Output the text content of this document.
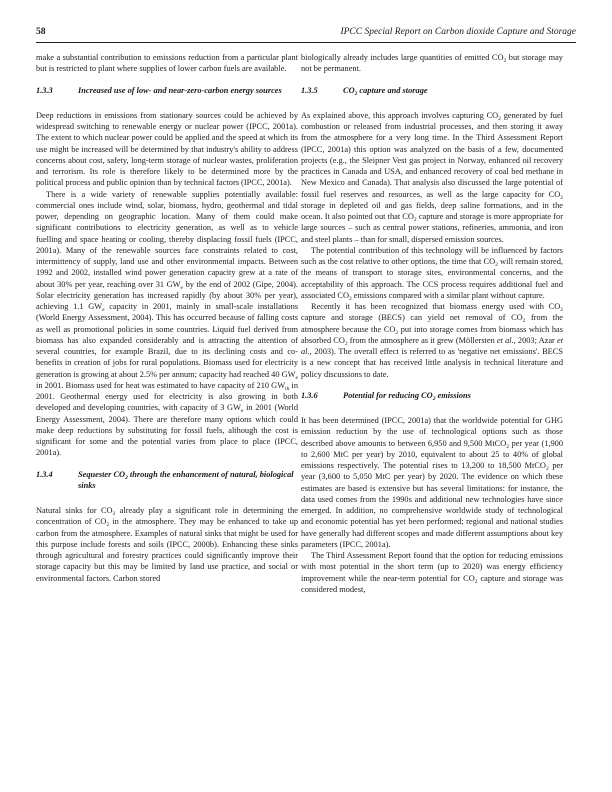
58	IPCC Special Report on Carbon dioxide Capture and Storage

make a substantial contribution to emissions reduction from a particular plant but is restricted to plant where supplies of lower carbon fuels are available.

1.3.3	Increased use of low- and near-zero-carbon energy sources

Deep reductions in emissions from stationary sources could be achieved by widespread switching to renewable energy or nuclear power (IPCC, 2001a). The extent to which nuclear power could be applied and the speed at which its use might be increased will be determined by that industry's ability to address concerns about cost, safety, long-term storage of nuclear wastes, proliferation and terrorism. Its role is therefore likely to be determined more by the political process and public opinion than by technical factors (IPCC, 2001a).

There is a wide variety of renewable supplies potentially available: commercial ones include wind, solar, biomass, hydro, geothermal and tidal power, depending on geographic location. Many of them could make significant contributions to electricity generation, as well as to vehicle fuelling and space heating or cooling, thereby displacing fossil fuels (IPCC, 2001a). Many of the renewable sources face constraints related to cost, intermittency of supply, land use and other environmental impacts. Between 1992 and 2002, installed wind power generation capacity grew at a rate of about 30% per year, reaching over 31 $GW_e$ by the end of 2002 (Gipe, 2004). Solar electricity generation has increased rapidly (by about 30% per year), achieving 1.1 $GW_e$ capacity in 2001, mainly in small-scale installations (World Energy Assessment, 2004). This has occurred because of falling costs as well as promotional policies in some countries. Liquid fuel derived from biomass has also expanded considerably and is attracting the attention of several countries, for example Brazil, due to its declining costs and co-benefits in creation of jobs for rural populations. Biomass used for electricity generation is growing at about 2.5% per annum; capacity had reached 40 $GW_e$ in 2001. Biomass used for heat was estimated to have capacity of 210 $GW_{th}$ in 2001. Geothermal energy used for electricity is also growing in both developed and developing countries, with capacity of 3 $GW_e$ in 2001 (World Energy Assessment, 2004). There are therefore many options which could make deep reductions by substituting for fossil fuels, although the cost is significant for some and the potential varies from place to place (IPCC, 2001a).

1.3.4	Sequester $CO_2$ through the enhancement of natural, biological sinks

Natural sinks for $CO_2$ already play a significant role in determining the concentration of $CO_2$ in the atmosphere. They may be enhanced to take up carbon from the atmosphere. Examples of natural sinks that might be used for this purpose include forests and soils (IPCC, 2000b). Enhancing these sinks through agricultural and forestry practices could significantly improve their storage capacity but this may be limited by land use practice, and social or environmental factors. Carbon stored

biologically already includes large quantities of emitted $CO_2$ but storage may not be permanent.

1.3.5	$CO_2$ capture and storage

As explained above, this approach involves capturing $CO_2$ generated by fuel combustion or released from industrial processes, and then storing it away from the atmosphere for a very long time. In the Third Assessment Report (IPCC, 2001a) this option was analyzed on the basis of a few, documented projects (e.g., the Sleipner Vest gas project in Norway, enhanced oil recovery practices in Canada and USA, and enhanced recovery of coal bed methane in New Mexico and Canada). That analysis also discussed the large potential of fossil fuel reserves and resources, as well as the large capacity for $CO_2$ storage in depleted oil and gas fields, deep saline formations, and in the ocean. It also pointed out that $CO_2$ capture and storage is more appropriate for large sources – such as central power stations, refineries, ammonia, and iron and steel plants – than for small, dispersed emission sources.

The potential contribution of this technology will be influenced by factors such as the cost relative to other options, the time that $CO_2$ will remain stored, the means of transport to storage sites, environmental concerns, and the acceptability of this approach. The CCS process requires additional fuel and associated $CO_2$ emissions compared with a similar plant without capture.

Recently it has been recognized that biomass energy used with $CO_2$ capture and storage (BECS) can yield net removal of $CO_2$ from the atmosphere because the $CO_2$ put into storage comes from biomass which has absorbed $CO_2$ from the atmosphere as it grew (Möllersten et al., 2003; Azar et al., 2003). The overall effect is referred to as 'negative net emissions'. BECS is a new concept that has received little analysis in technical literature and policy discussions to date.

1.3.6	Potential for reducing $CO_2$ emissions

It has been determined (IPCC, 2001a) that the worldwide potential for GHG emission reduction by the use of technological options such as those described above amounts to between 6,950 and 9,500 MtCO$_2$ per year (1,900 to 2,600 MtC per year) by 2010, equivalent to about 25 to 40% of global emissions respectively. The potential rises to 13,200 to 18,500 MtCO$_2$ per year (3,600 to 5,050 MtC per year) by 2020. The evidence on which these estimates are based is extensive but has several limitations: for instance, the data used comes from the 1990s and additional new technologies have since emerged. In addition, no comprehensive worldwide study of technological and economic potential has yet been performed; regional and national studies have generally had different scopes and made different assumptions about key parameters (IPCC, 2001a).

The Third Assessment Report found that the option for reducing emissions with most potential in the short term (up to 2020) was energy efficiency improvement while the near-term potential for $CO_2$ capture and storage was considered modest,
